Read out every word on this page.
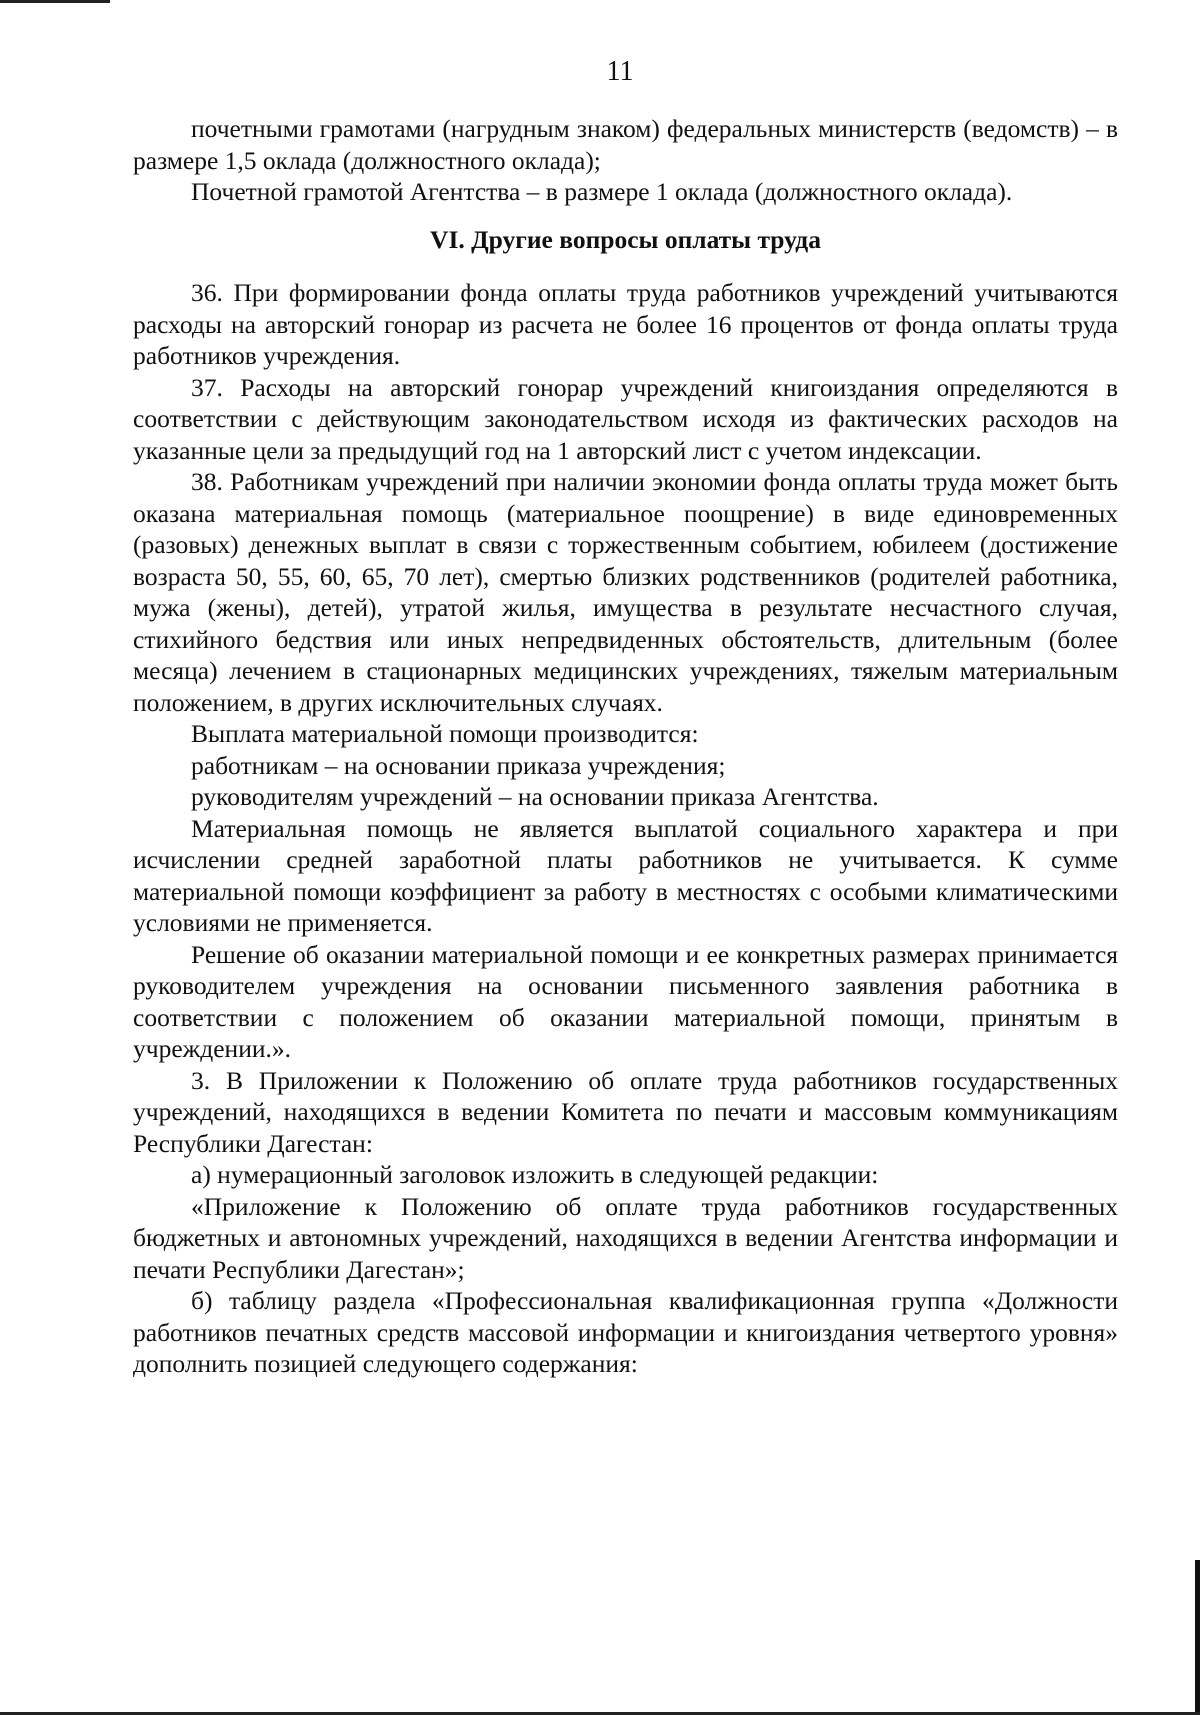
11

почетными грамотами (нагрудным знаком) федеральных министерств (ведомств) – в размере 1,5 оклада (должностного оклада);

Почетной грамотой Агентства – в размере 1 оклада (должностного оклада).

VI. Другие вопросы оплаты труда

36. При формировании фонда оплаты труда работников учреждений учитываются расходы на авторский гонорар из расчета не более 16 процентов от фонда оплаты труда работников учреждения.

37. Расходы на авторский гонорар учреждений книгоиздания определяются в соответствии с действующим законодательством исходя из фактических расходов на указанные цели за предыдущий год на 1 авторский лист с учетом индексации.

38. Работникам учреждений при наличии экономии фонда оплаты труда может быть оказана материальная помощь (материальное поощрение) в виде единовременных (разовых) денежных выплат в связи с торжественным событием, юбилеем (достижение возраста 50, 55, 60, 65, 70 лет), смертью близких родственников (родителей работника, мужа (жены), детей), утратой жилья, имущества в результате несчастного случая, стихийного бедствия или иных непредвиденных обстоятельств, длительным (более месяца) лечением в стационарных медицинских учреждениях, тяжелым материальным положением, в других исключительных случаях.

Выплата материальной помощи производится:

работникам – на основании приказа учреждения;

руководителям учреждений – на основании приказа Агентства.

Материальная помощь не является выплатой социального характера и при исчислении средней заработной платы работников не учитывается. К сумме материальной помощи коэффициент за работу в местностях с особыми климатическими условиями не применяется.

Решение об оказании материальной помощи и ее конкретных размерах принимается руководителем учреждения на основании письменного заявления работника в соответствии с положением об оказании материальной помощи, принятым в учреждении.».

3. В Приложении к Положению об оплате труда работников государственных учреждений, находящихся в ведении Комитета по печати и массовым коммуникациям Республики Дагестан:

а) нумерационный заголовок изложить в следующей редакции:

«Приложение к Положению об оплате труда работников государственных бюджетных и автономных учреждений, находящихся в ведении Агентства информации и печати Республики Дагестан»;

б) таблицу раздела «Профессиональная квалификационная группа «Должности работников печатных средств массовой информации и книгоиздания четвертого уровня» дополнить позицией следующего содержания:
